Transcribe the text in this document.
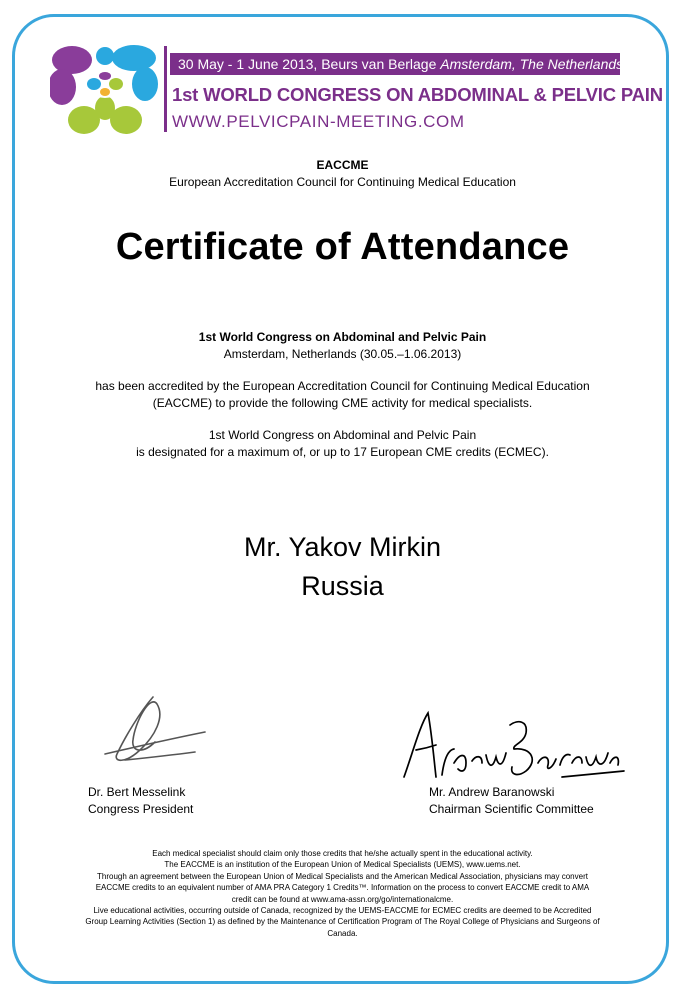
30 May - 1 June 2013, Beurs van Berlage Amsterdam, The Netherlands
1st WORLD CONGRESS ON ABDOMINAL & PELVIC PAIN
WWW.PELVICPAIN-MEETING.COM
EACCME
European Accreditation Council for Continuing Medical Education
Certificate of Attendance
1st World Congress on Abdominal and Pelvic Pain
Amsterdam, Netherlands (30.05.–1.06.2013)
has been accredited by the European Accreditation Council for Continuing Medical Education
(EACCME) to provide the following CME activity for medical specialists.
1st World Congress on Abdominal and Pelvic Pain
is designated for a maximum of, or up to 17 European CME credits (ECMEC).
Mr. Yakov Mirkin
Russia
Dr. Bert Messelink
Congress President
Mr. Andrew Baranowski
Chairman Scientific Committee
Each medical specialist should claim only those credits that he/she actually spent in the educational activity.
The EACCME is an institution of the European Union of Medical Specialists (UEMS), www.uems.net.
Through an agreement between the European Union of Medical Specialists and the American Medical Association, physicians may convert
EACCME credits to an equivalent number of AMA PRA Category 1 Credits™. Information on the process to convert EACCME credit to AMA
credit can be found at www.ama-assn.org/go/internationalcme.
Live educational activities, occurring outside of Canada, recognized by the UEMS-EACCME for ECMEC credits are deemed to be Accredited
Group Learning Activities (Section 1) as defined by the Maintenance of Certification Program of The Royal College of Physicians and Surgeons of
Canada.
